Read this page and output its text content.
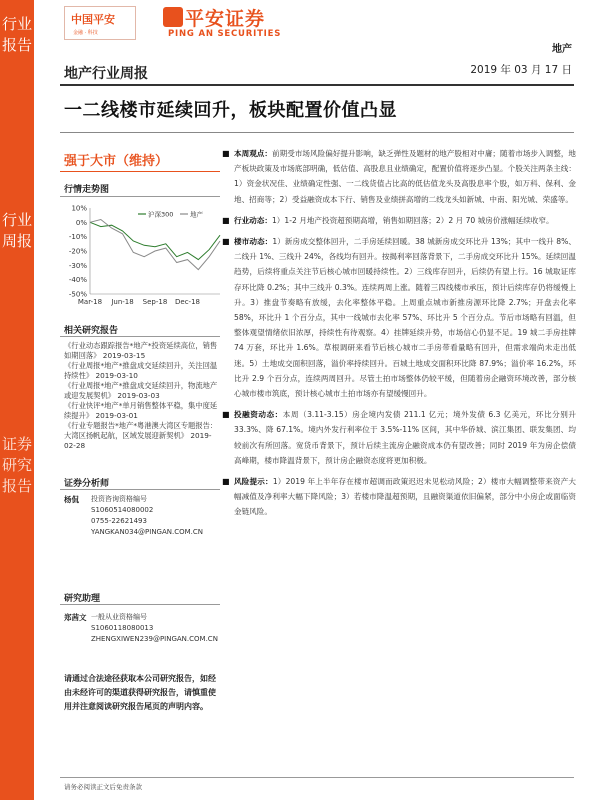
行业报告
行业周报
证券研究报告
中国平安
金融 · 科技
平安证券
PING AN SECURITIES
地产
地产行业周报	2019 年 03 月 17 日
一二线楼市延续回升，板块配置价值凸显
强于大市（维持）
行情走势图
10%
0%
-10%
-20%
-30%
-40%
-50%
Mar-18 Jun-18 Sep-18 Dec-18
沪深300	地产
相关研究报告
《行业动态跟踪报告*地产*投资延续高位，销售如期回落》 2019-03-15
《行业周报*地产*推盘成交延续回升，关注回温持续性》 2019-03-10
《行业周报*地产*推盘成交延续回升，物流地产或迎发展契机》 2019-03-03
《行业快评*地产*单月销售整体平稳，集中度延续提升》 2019-03-01
《行业专题报告*地产*粤港澳大湾区专题报告：大湾区扬帆起航，区域发展迎新契机》 2019-02-28
证券分析师
杨侃	投资咨询资格编号
S1060514080002
0755-22621493
YANGKAN034@PINGAN.COM.CN
研究助理
郑茜文 一般从业资格编号
S1060118080013
ZHENGXIWEN239@PINGAN.COM.CN
请通过合法途径获取本公司研究报告，如经由未经许可的渠道获得研究报告，请慎重使用并注意阅读研究报告尾页的声明内容。
■ 本周观点：前期受市场风险偏好提升影响，缺乏弹性及题材的地产股相对中庸；随着市场步入调整，地产板块政策及市场底部明确，低估值、高股息且业绩确定，配置价值将逐步凸显。个股关注两条主线：1）资金状况佳、业绩确定性强、一二线货值占比高的低估值龙头及高股息率个股，如万科、保利、金地、招商等；2）受益融资成本下行、销售及业绩拼高增的二线龙头如新城、中南、阳光城、荣盛等。
■ 行业动态：1）1-2 月地产投资超预期高增，销售如期回落；2）2 月 70 城房价涨幅延续收窄。
■ 楼市动态：1）新房成交整体回升，二手房延续回暖。38 城新房成交环比升 13%；其中一线升 8%、二线升 1%、三线升 24%，各线均有回升。按揭利率回落背景下，二手房成交环比升 15%。延续回温趋势，后续将重点关注节后核心城市回暖持续性。2）三线库存回升，后续仍有望上行。16 城取证库存环比降 0.2%；其中三线升 0.3%。连续两周上涨。随着三四线楼市承压，预计后续库存仍将缓慢上升。3）推盘节奏略有放缓，去化率整体平稳。上周重点城市新推房源环比降 2.7%；开盘去化率 58%，环比升 1 个百分点，其中一线城市去化率 57%、环比升 5 个百分点。节后市场略有回温，但整体观望情绪依旧浓厚，持续性有待观察。4）挂牌延续升势，市场信心仍显不足。19 城二手房挂牌 74 万套，环比升 1.6%。草根调研来看节后核心城市二手房带看量略有回升，但需求端尚未走出低迷。5）土地成交面积回落，溢价率持续回升。百城土地成交面积环比降 87.9%；溢价率 16.2%，环比升 2.9 个百分点，连续两周回升。尽管土拍市场整体仍较平缓，但随着房企融资环境改善，部分核心城市楼市筑底，预计核心城市土拍市场亦有望缓慢回升。
■ 投融资动态：本周（3.11-3.15）房企境内发债 211.1 亿元；境外发债 6.3 亿美元，环比分别升 33.3%、降 67.1%。境内外发行利率位于 3.5%-11% 区间，其中华侨城、滨江集团、联发集团、均较前次有所回落。宽货币背景下，预计后续主流房企融资成本仍有望改善；同时 2019 年为房企偿债高峰期，楼市降温背景下，预计房企融资态度将更加积极。
■ 风险提示：1）2019 年上半年存在楼市超调而政策迟迟未见松动风险；2）楼市大幅调整带来资产大幅减值及净利率大幅下降风险；3）若楼市降温超预期，且融资渠道依旧偏紧，部分中小房企或面临资金链风险。
请务必阅读正文后免责条款
